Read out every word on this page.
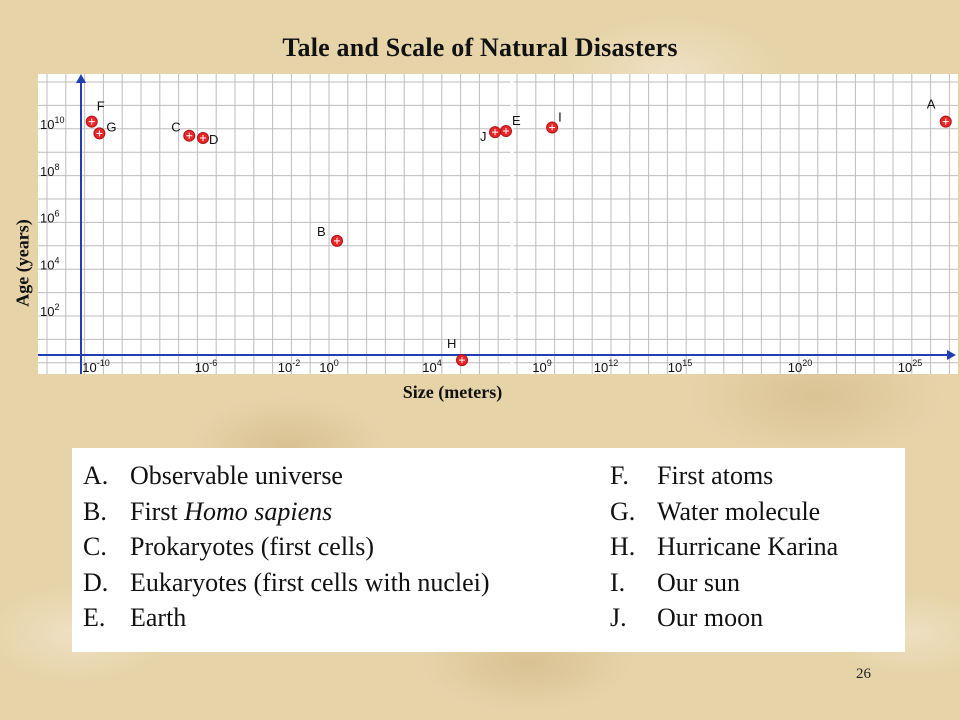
Tale and Scale of Natural Disasters
$10^{-10}$	$10^{-6}$	$10^{-2}$ $10^0$	$10^4$	$10^9$	$10^{12}$	$10^{15}$	$10^{20}$	$10^{25}$
$10^2$
$10^4$
$10^6$
$10^8$
$10^{10}$
F
G	C
D
B
H
J
E	I
A
Age (years)
Size (meters)
A. Observable universe
B. First Homo sapiens
C. Prokaryotes (first cells)
D. Eukaryotes (first cells with nuclei)
E. Earth
F. First atoms
G. Water molecule
H. Hurricane Karina
I. Our sun
J. Our moon
26
